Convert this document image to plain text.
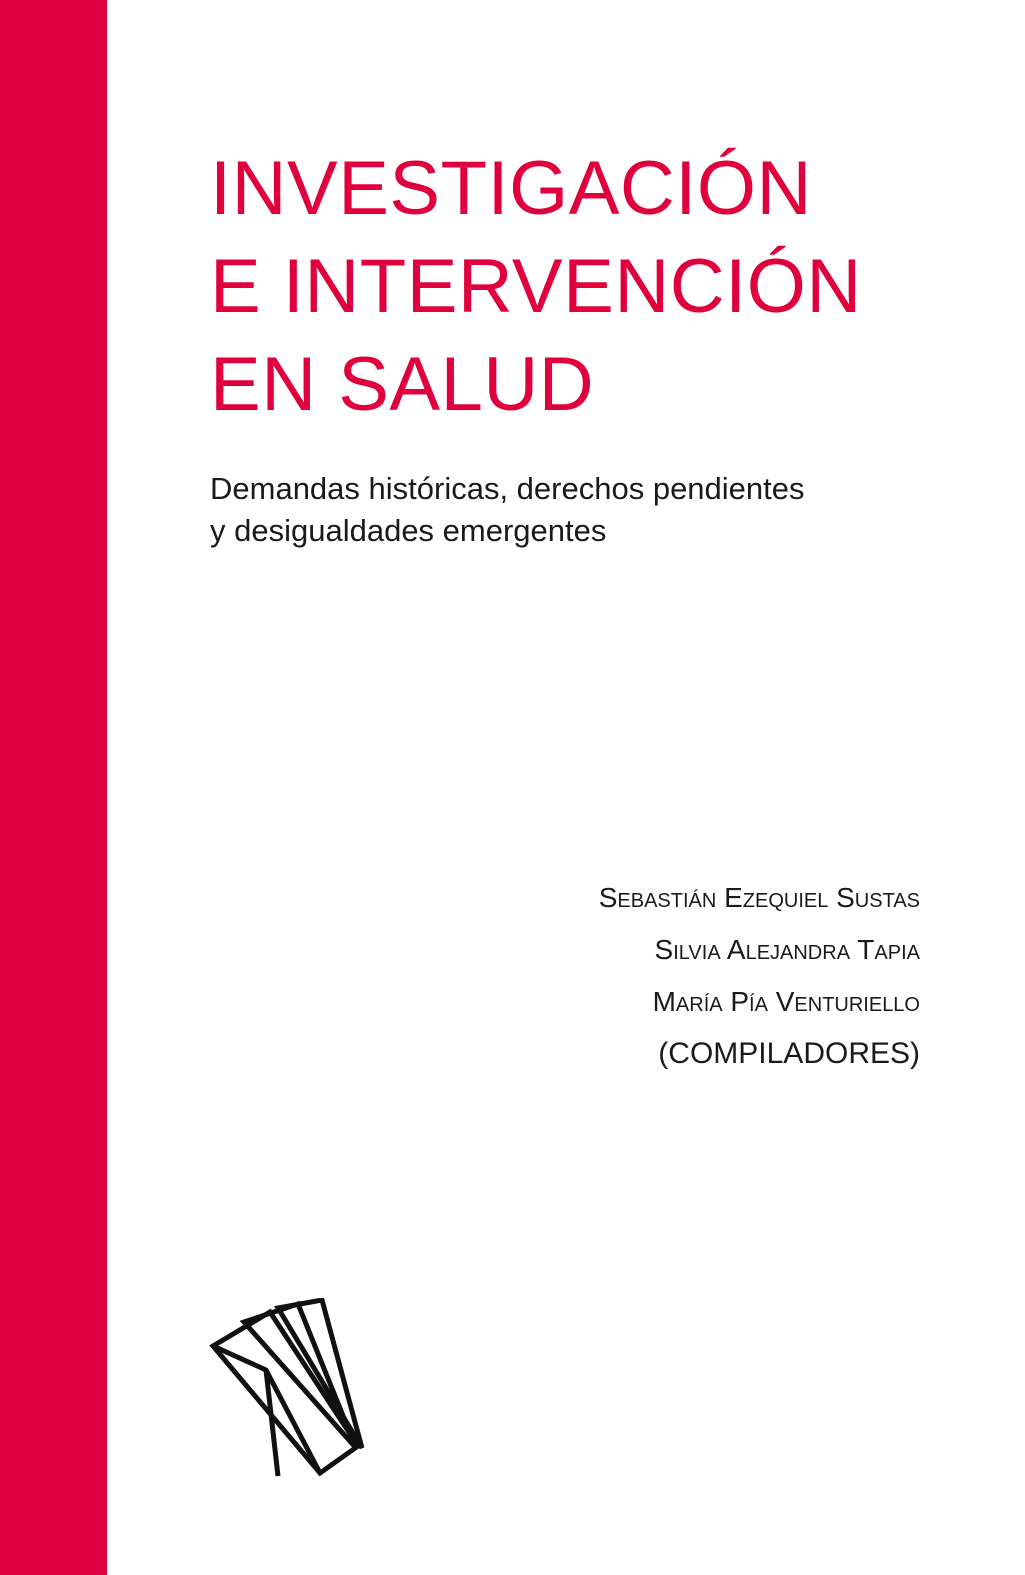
INVESTIGACIÓN
E INTERVENCIÓN
EN SALUD
Demandas históricas, derechos pendientes
y desigualdades emergentes
Sebastián Ezequiel Sustas
Silvia Alejandra Tapia
María Pía Venturiello
(COMPILADORES)
